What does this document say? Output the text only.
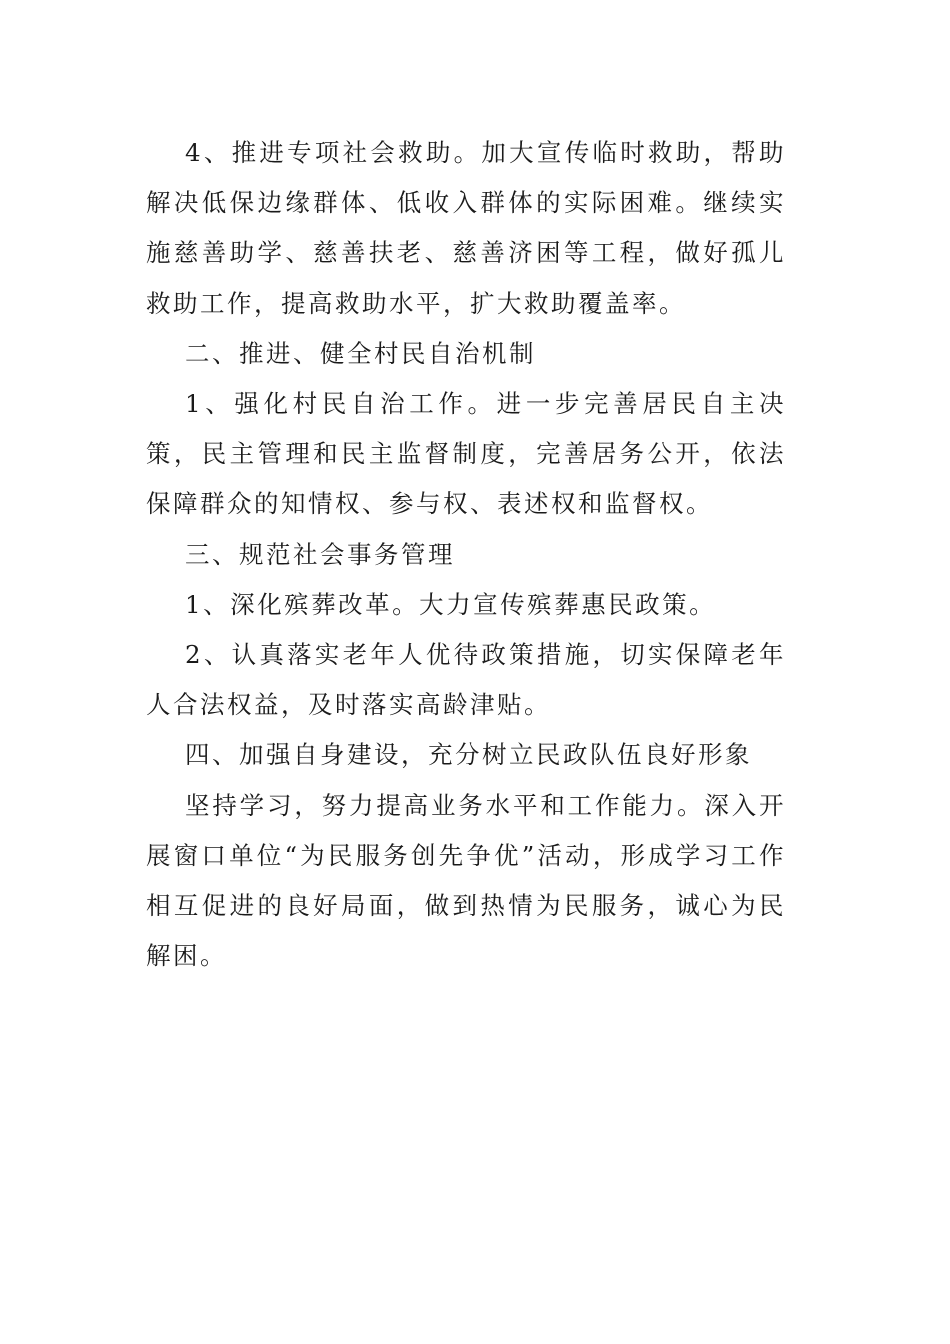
4、推进专项社会救助。加大宣传临时救助，帮助解决低保边缘群体、低收入群体的实际困难。继续实施慈善助学、慈善扶老、慈善济困等工程，做好孤儿救助工作，提高救助水平，扩大救助覆盖率。

二、推进、健全村民自治机制

1、强化村民自治工作。进一步完善居民自主决策，民主管理和民主监督制度，完善居务公开，依法保障群众的知情权、参与权、表述权和监督权。

三、规范社会事务管理

1、深化殡葬改革。大力宣传殡葬惠民政策。

2、认真落实老年人优待政策措施，切实保障老年人合法权益，及时落实高龄津贴。

四、加强自身建设，充分树立民政队伍良好形象

坚持学习，努力提高业务水平和工作能力。深入开展窗口单位“为民服务创先争优”活动，形成学习工作相互促进的良好局面，做到热情为民服务，诚心为民解困。
